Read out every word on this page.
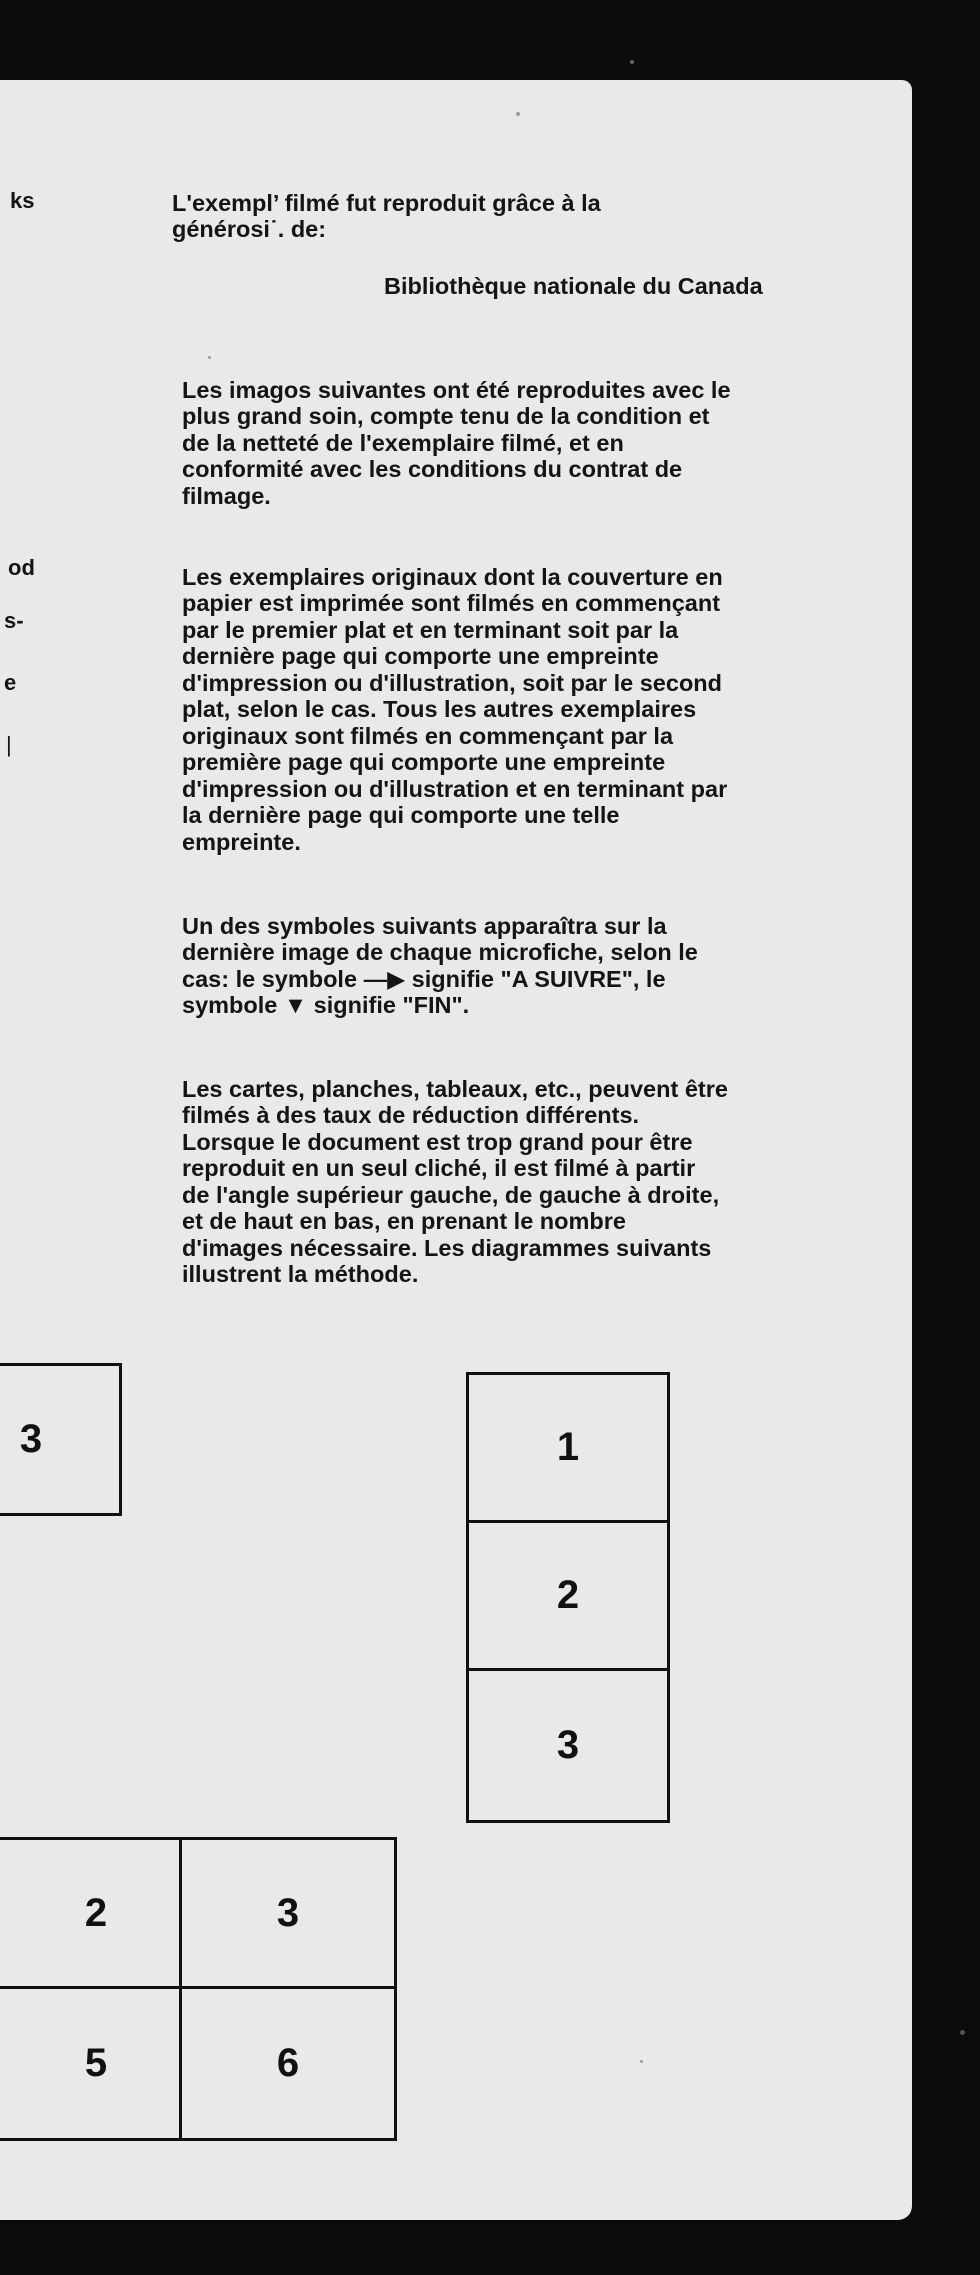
ks
od
s-
e
|

L'exempl’ filmé fut reproduit grâce à la

générosi˙. de:

Bibliothèque nationale du Canada

Les imagos suivantes ont été reproduites avec le

plus grand soin, compte tenu de la condition et

de la netteté de l'exemplaire filmé, et en

conformité avec les conditions du contrat de

filmage.

Les exemplaires originaux dont la couverture en

papier est imprimée sont filmés en commençant

par le premier plat et en terminant soit par la

dernière page qui comporte une empreinte

d'impression ou d'illustration, soit par le second

plat, selon le cas. Tous les autres exemplaires

originaux sont filmés en commençant par la

première page qui comporte une empreinte

d'impression ou d'illustration et en terminant par

la dernière page qui comporte une telle

empreinte.

Un des symboles suivants apparaîtra sur la

dernière image de chaque microfiche, selon le

cas: le symbole —▶ signifie "A SUIVRE", le

symbole ▼ signifie "FIN".

Les cartes, planches, tableaux, etc., peuvent être

filmés à des taux de réduction différents.

Lorsque le document est trop grand pour être

reproduit en un seul cliché, il est filmé à partir

de l'angle supérieur gauche, de gauche à droite,

et de haut en bas, en prenant le nombre

d'images nécessaire. Les diagrammes suivants

illustrent la méthode.

3	1
2
3
2	3
5	6
